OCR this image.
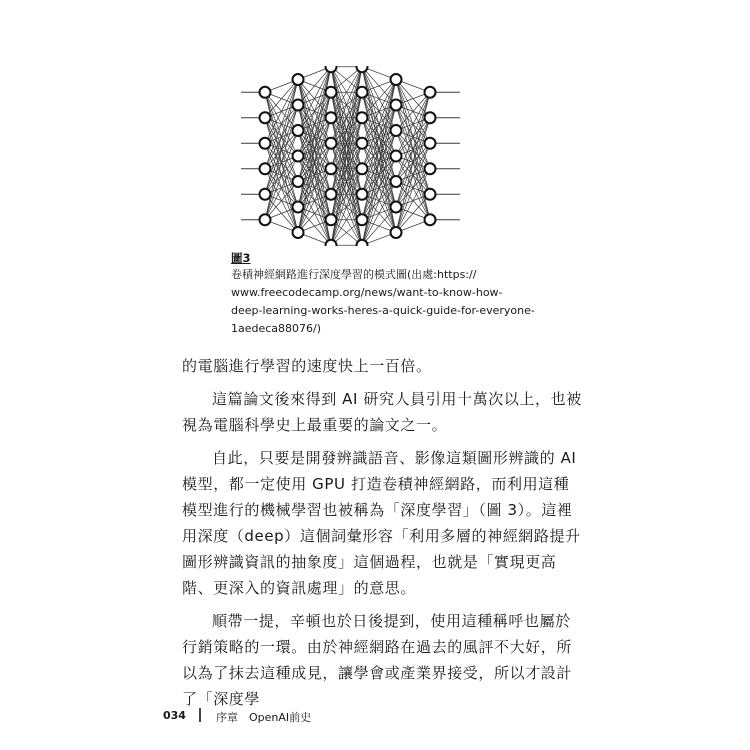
圖3
卷積神經網路進行深度學習的模式圖(出處:https://
www.freecodecamp.org/news/want-to-know-how-
deep-learning-works-heres-a-quick-guide-for-everyone-
1aedeca88076/)

的電腦進行學習的速度快上一百倍。

這篇論文後來得到 AI 研究人員引用十萬次以上，也被視為電腦科學史上最重要的論文之一。

自此，只要是開發辨識語音、影像這類圖形辨識的 AI 模型，都一定使用 GPU 打造卷積神經網路，而利用這種模型進行的機械學習也被稱為「深度學習」（圖 3）。這裡用深度（deep）這個詞彙形容「利用多層的神經網路提升圖形辨識資訊的抽象度」這個過程，也就是「實現更高階、更深入的資訊處理」的意思。

順帶一提，辛頓也於日後提到，使用這種稱呼也屬於行銷策略的一環。由於神經網路在過去的風評不大好，所以為了抹去這種成見，讓學會或產業界接受，所以才設計了「深度學

034	序章 OpenAI前史
